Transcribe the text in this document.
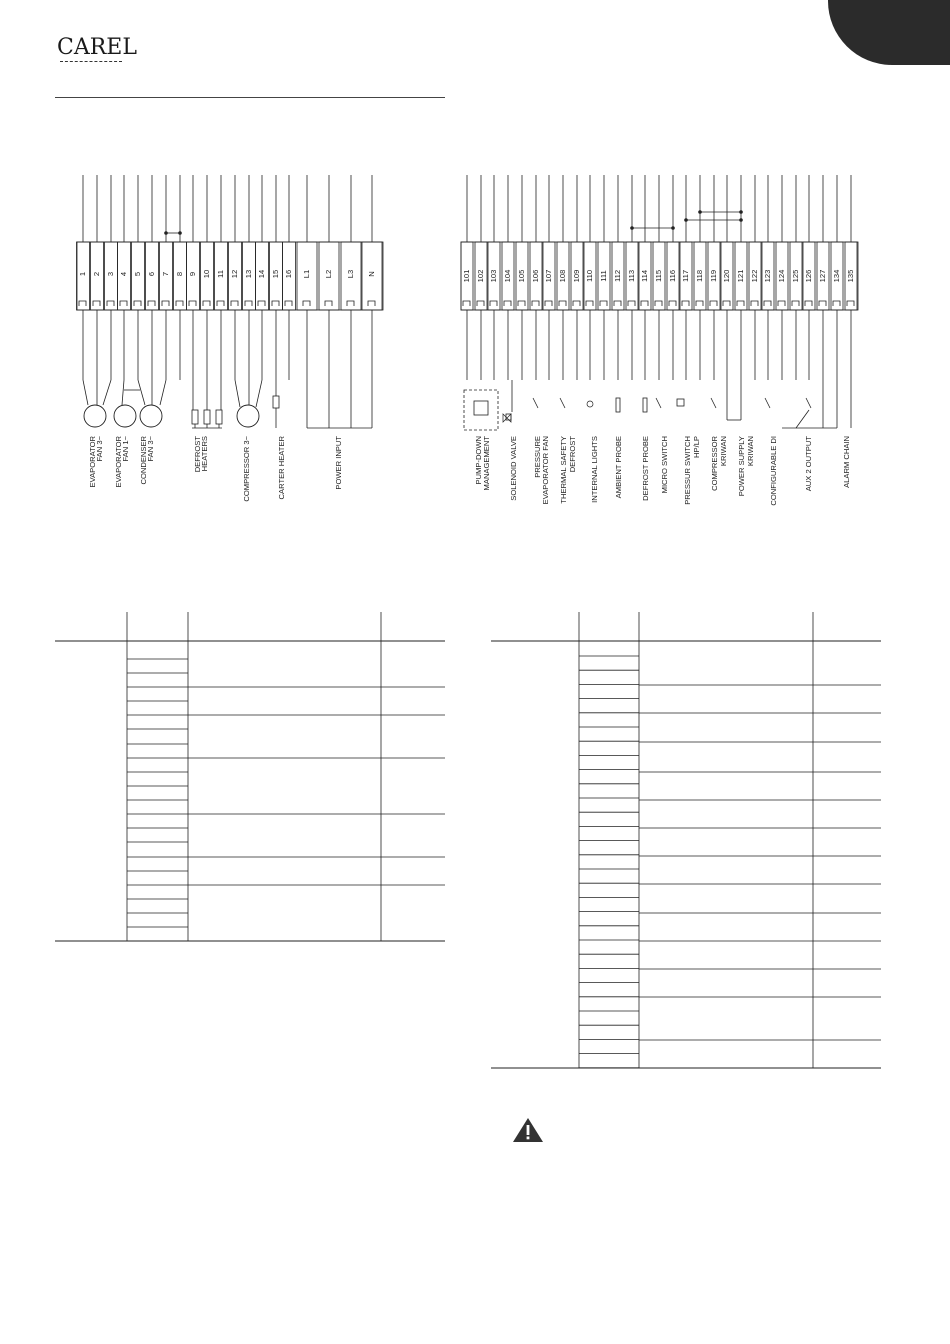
CAREL
1 2 3 4 5 6 7 8 9 10 11 12 13 14 15 16 L1 L2 L3 N
EVAPORATOR
FAN 3~ EVAPORATOR
FAN 1~ CONDENSER
FAN 3~	DEFROST
HEATERS	COMPRESSOR 3~	CARTER HEATER	POWER INPUT
101 102 103 104 105 106 107 108 109 110 111 112 113 114 115 116 117 118 119 120 121 122 123 124 125 126 127 134 135
PUMP-DOWN MANAGEMENT SOLENOID VALVE PRESSURE EVAPORATOR FAN THERMAL SAFETY DEFROST INTERNAL LIGHTS AMBIENT PROBE DEFROST PROBE MICRO SWITCH PRESSUR SWITCH HP/LP COMPRESSOR KRIWAN POWER SUPPLY KRIWAN CONFIGURABLE DI	AUX 2 OUTPUT	ALARM CHAIN
